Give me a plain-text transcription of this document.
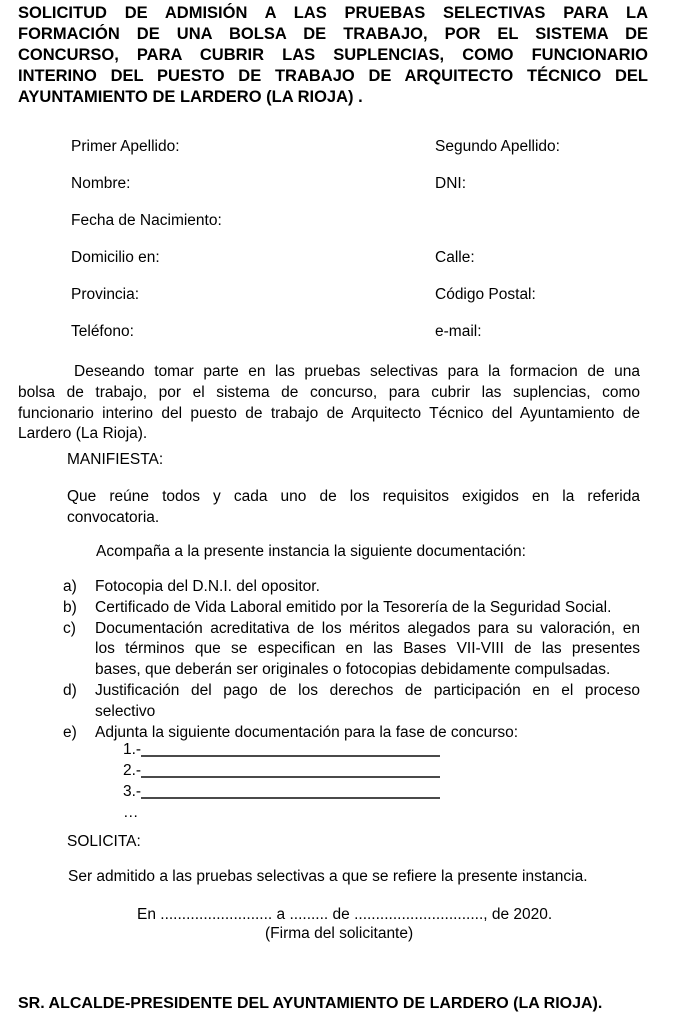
SOLICITUD DE ADMISIÓN A LAS PRUEBAS SELECTIVAS PARA LA
FORMACIÓN DE UNA BOLSA DE TRABAJO, POR EL SISTEMA DE
CONCURSO, PARA CUBRIR LAS SUPLENCIAS, COMO FUNCIONARIO
INTERINO DEL PUESTO DE TRABAJO DE ARQUITECTO TÉCNICO DEL
AYUNTAMIENTO DE LARDERO (LA RIOJA) .
Primer Apellido:	Segundo Apellido:
Nombre:	DNI:
Fecha de Nacimiento:
Domicilio en:	Calle:
Provincia:	Código Postal:
Teléfono:	e-mail:
Deseando tomar parte en las pruebas selectivas para la formacion de una
bolsa de trabajo, por el sistema de concurso, para cubrir las suplencias, como
funcionario interino del puesto de trabajo de Arquitecto Técnico del Ayuntamiento de
Lardero (La Rioja).
MANIFIESTA:
Que reúne todos y cada uno de los requisitos exigidos en la referida
convocatoria.
Acompaña a la presente instancia la siguiente documentación:
a) Fotocopia del D.N.I. del opositor.
b) Certificado de Vida Laboral emitido por la Tesorería de la Seguridad Social.
c) Documentación acreditativa de los méritos alegados para su valoración, en
los términos que se especifican en las Bases VII-VIII de las presentes
bases, que deberán ser originales o fotocopias debidamente compulsadas.
d) Justificación del pago de los derechos de participación en el proceso
selectivo
e) Adjunta la siguiente documentación para la fase de concurso:
1.-
2.-
3.-
…
SOLICITA:
Ser admitido a las pruebas selectivas a que se refiere la presente instancia.
En .......................... a ......... de .............................., de 2020.
(Firma del solicitante)
SR. ALCALDE-PRESIDENTE DEL AYUNTAMIENTO DE LARDERO (LA RIOJA).
